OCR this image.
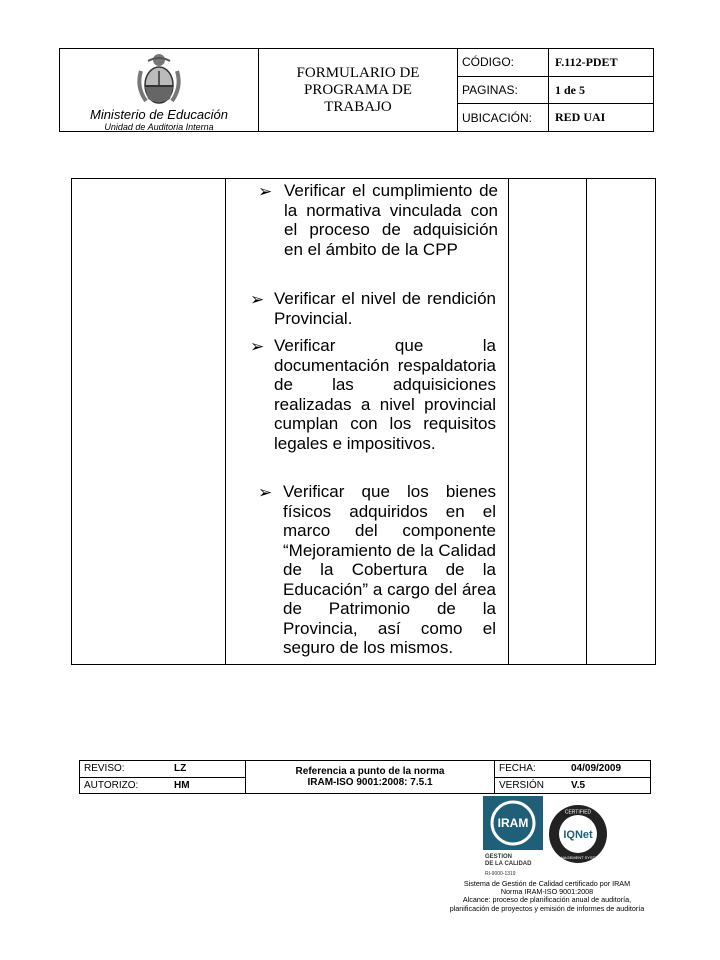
Ministerio de Educación
Unidad de Auditoria Interna
FORMULARIO DE
PROGRAMA DE
TRABAJO
CÓDIGO:	F.112-PDET
PAGINAS:	1 de 5
UBICACIÓN:	RED UAI
➢ Verificar el cumplimiento de la normativa vinculada con el proceso de adquisición en el ámbito de la CPP
➢ Verificar el nivel de rendición Provincial.
➢ Verificar que la documentación respaldatoria de las adquisiciones realizadas a nivel provincial cumplan con los requisitos legales e impositivos.
➢ Verificar que los bienes físicos adquiridos en el marco del componente “Mejoramiento de la Calidad de la Cobertura de la Educación” a cargo del área de Patrimonio de la Provincia, así como el seguro de los mismos.
REVISO:	LZ
AUTORIZO:	HM
Referencia a punto de la norma
IRAM-ISO 9001:2008: 7.5.1
FECHA:	04/09/2009
VERSIÓN	V.5
IRAM
GESTION
DE LA CALIDAD
RI-9000-1319
IQNet
CERTIFIED
MANAGEMENT SYSTEM
Sistema de Gestión de Calidad certificado por IRAM
Norma IRAM-ISO 9001:2008
Alcance: proceso de planificación anual de auditoría,
planificación de proyectos y emisión de informes de auditoría
